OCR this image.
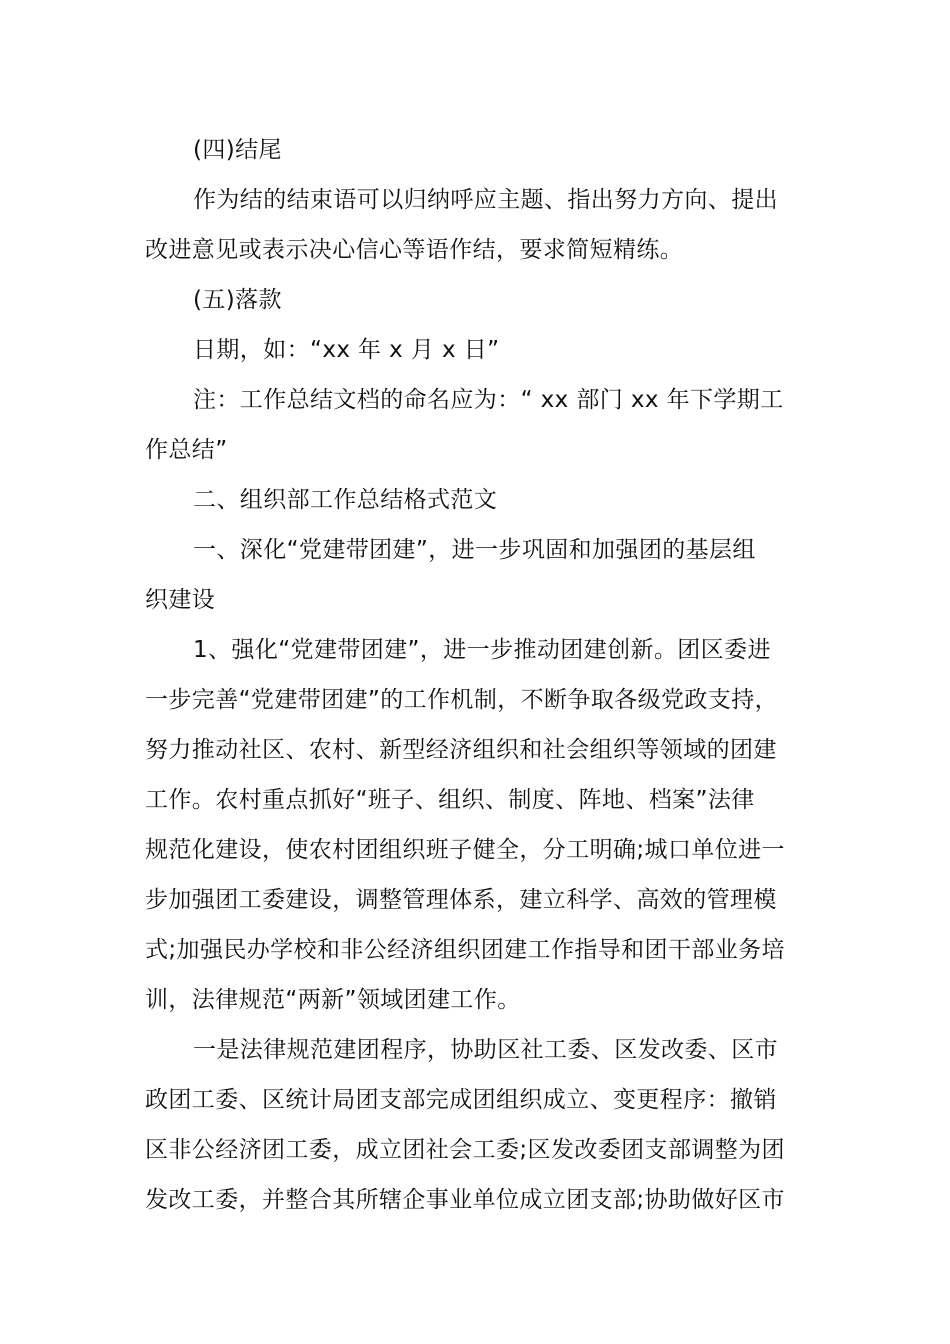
(四)结尾

作为结的结束语可以归纳呼应主题、指出努力方向、提出

改进意见或表示决心信心等语作结，要求简短精练。

(五)落款

日期，如：“xx 年 x 月 x 日”

注：工作总结文档的命名应为：“ xx 部门 xx 年下学期工

作总结”

二、组织部工作总结格式范文

一、深化“党建带团建”，进一步巩固和加强团的基层组

织建设

1、强化“党建带团建”，进一步推动团建创新。团区委进

一步完善“党建带团建”的工作机制，不断争取各级党政支持，

努力推动社区、农村、新型经济组织和社会组织等领域的团建

工作。农村重点抓好“班子、组织、制度、阵地、档案”法律

规范化建设，使农村团组织班子健全，分工明确;城口单位进一

步加强团工委建设，调整管理体系，建立科学、高效的管理模

式;加强民办学校和非公经济组织团建工作指导和团干部业务培

训，法律规范“两新”领域团建工作。

一是法律规范建团程序，协助区社工委、区发改委、区市

政团工委、区统计局团支部完成团组织成立、变更程序：撤销

区非公经济团工委，成立团社会工委;区发改委团支部调整为团

发改工委，并整合其所辖企事业单位成立团支部;协助做好区市
